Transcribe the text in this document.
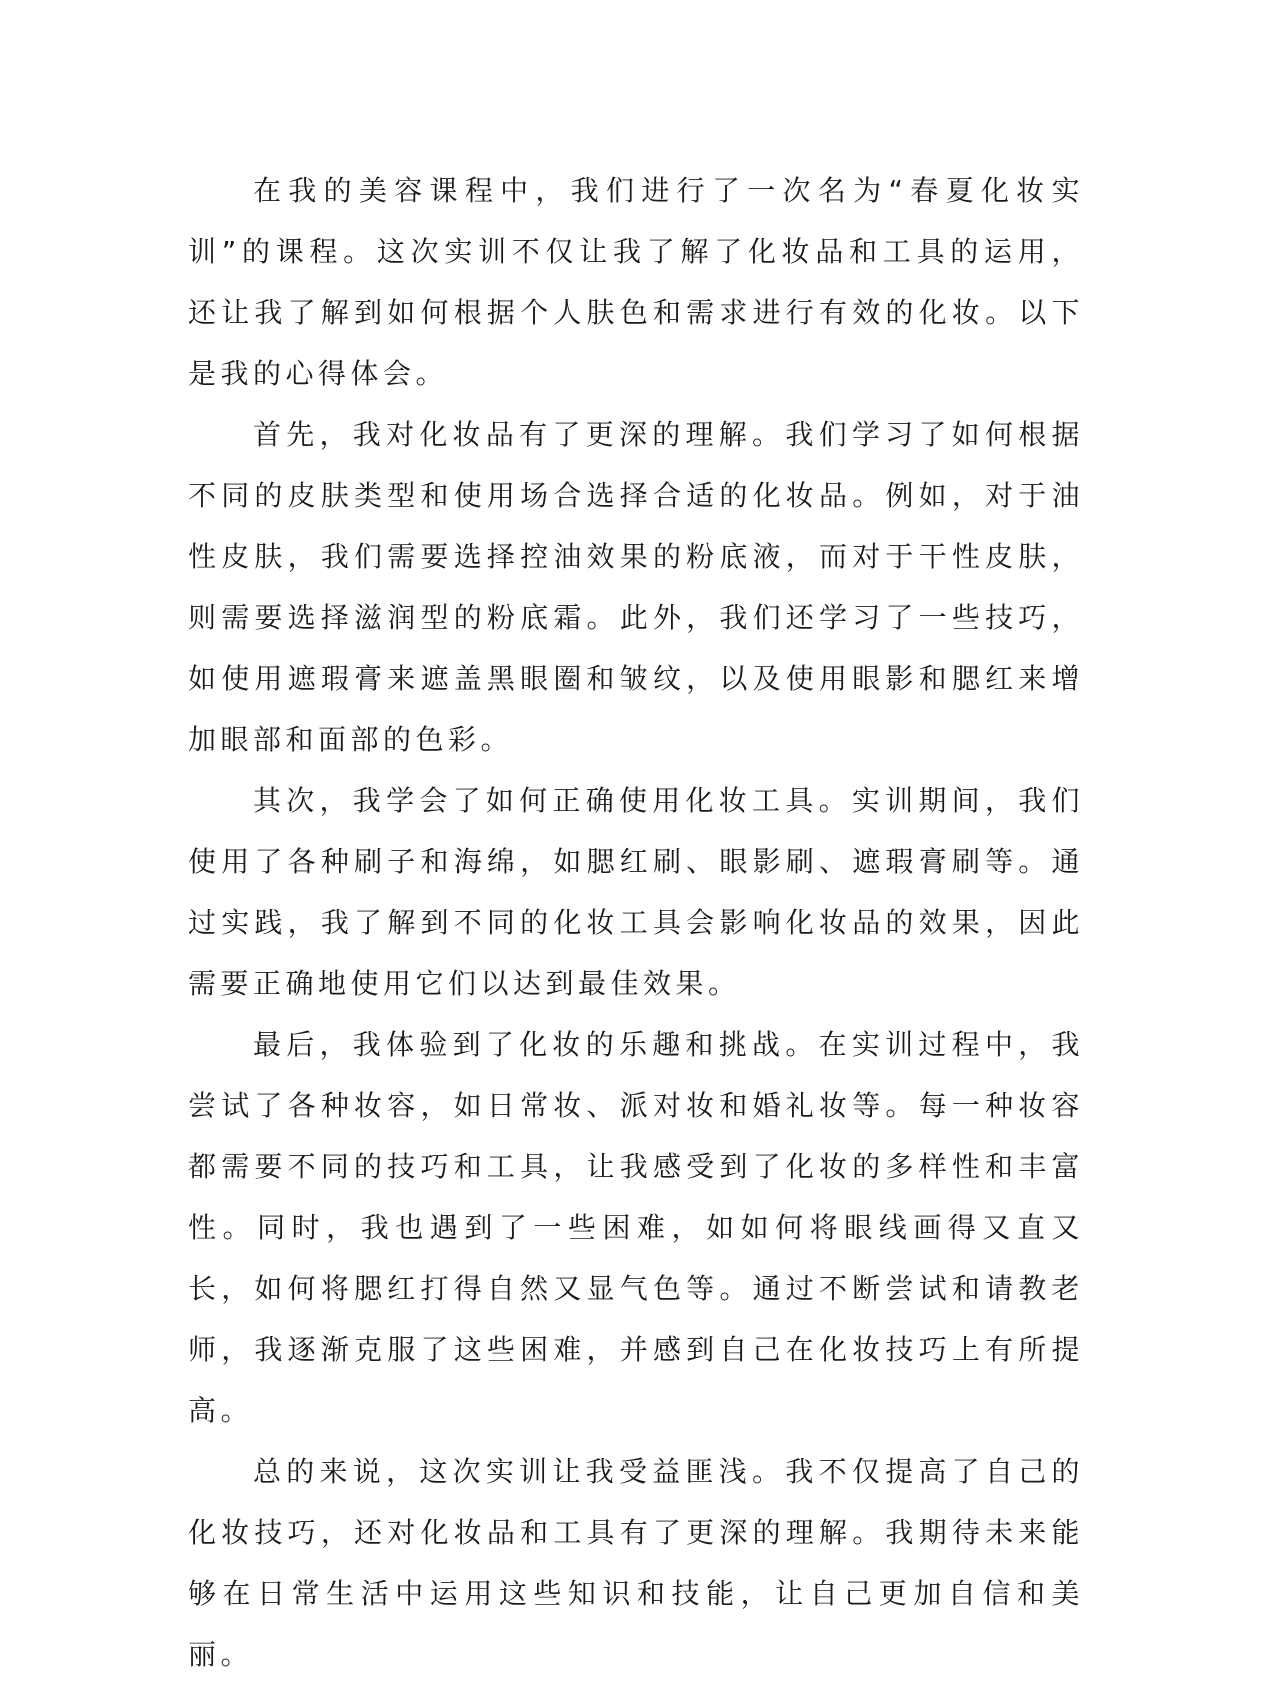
在我的美容课程中，我们进行了一次名为“春夏化妆实训”的课程。这次实训不仅让我了解了化妆品和工具的运用，还让我了解到如何根据个人肤色和需求进行有效的化妆。以下是我的心得体会。

首先，我对化妆品有了更深的理解。我们学习了如何根据不同的皮肤类型和使用场合选择合适的化妆品。例如，对于油性皮肤，我们需要选择控油效果的粉底液，而对于干性皮肤，则需要选择滋润型的粉底霜。此外，我们还学习了一些技巧，如使用遮瑕膏来遮盖黑眼圈和皱纹，以及使用眼影和腮红来增加眼部和面部的色彩。

其次，我学会了如何正确使用化妆工具。实训期间，我们使用了各种刷子和海绵，如腮红刷、眼影刷、遮瑕膏刷等。通过实践，我了解到不同的化妆工具会影响化妆品的效果，因此需要正确地使用它们以达到最佳效果。

最后，我体验到了化妆的乐趣和挑战。在实训过程中，我尝试了各种妆容，如日常妆、派对妆和婚礼妆等。每一种妆容都需要不同的技巧和工具，让我感受到了化妆的多样性和丰富性。同时，我也遇到了一些困难，如如何将眼线画得又直又长，如何将腮红打得自然又显气色等。通过不断尝试和请教老师，我逐渐克服了这些困难，并感到自己在化妆技巧上有所提高。

总的来说，这次实训让我受益匪浅。我不仅提高了自己的化妆技巧，还对化妆品和工具有了更深的理解。我期待未来能够在日常生活中运用这些知识和技能，让自己更加自信和美丽。
